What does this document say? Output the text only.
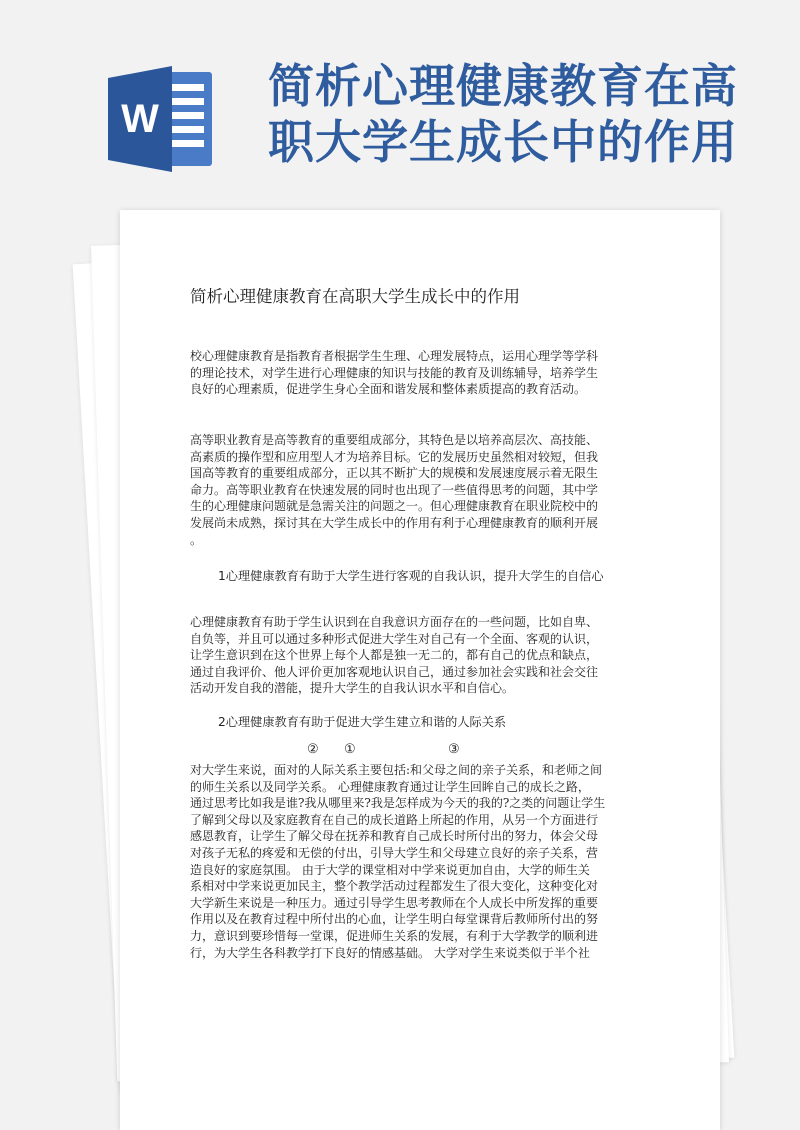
W
简析心理健康教育在高
职大学生成长中的作用
简析心理健康教育在高职大学生成长中的作用
校心理健康教育是指教育者根据学生生理、心理发展特点，运用心理学等学科
的理论技术，对学生进行心理健康的知识与技能的教育及训练辅导，培养学生
良好的心理素质，促进学生身心全面和谐发展和整体素质提高的教育活动。
高等职业教育是高等教育的重要组成部分，其特色是以培养高层次、高技能、
高素质的操作型和应用型人才为培养目标。它的发展历史虽然相对较短，但我
国高等教育的重要组成部分，正以其不断扩大的规模和发展速度展示着无限生
命力。高等职业教育在快速发展的同时也出现了一些值得思考的问题，其中学
生的心理健康问题就是急需关注的问题之一。但心理健康教育在职业院校中的
发展尚未成熟，探讨其在大学生成长中的作用有利于心理健康教育的顺利开展
。
1心理健康教育有助于大学生进行客观的自我认识，提升大学生的自信心
心理健康教育有助于学生认识到在自我意识方面存在的一些问题，比如自卑、
自负等，并且可以通过多种形式促进大学生对自己有一个全面、客观的认识，
让学生意识到在这个世界上每个人都是独一无二的，都有自己的优点和缺点，
通过自我评价、他人评价更加客观地认识自己，通过参加社会实践和社会交往
活动开发自我的潜能，提升大学生的自我认识水平和自信心。
2心理健康教育有助于促进大学生建立和谐的人际关系
② ①	③
对大学生来说，面对的人际关系主要包括:和父母之间的亲子关系，和老师之间
的师生关系以及同学关系。 心理健康教育通过让学生回眸自己的成长之路，
通过思考比如我是谁?我从哪里来?我是怎样成为今天的我的?之类的问题让学生
了解到父母以及家庭教育在自己的成长道路上所起的作用，从另一个方面进行
感恩教育，让学生了解父母在抚养和教育自己成长时所付出的努力，体会父母
对孩子无私的疼爱和无偿的付出，引导大学生和父母建立良好的亲子关系，营
造良好的家庭氛围。 由于大学的课堂相对中学来说更加自由，大学的师生关
系相对中学来说更加民主，整个教学活动过程都发生了很大变化，这种变化对
大学新生来说是一种压力。通过引导学生思考教师在个人成长中所发挥的重要
作用以及在教育过程中所付出的心血，让学生明白每堂课背后教师所付出的努
力，意识到要珍惜每一堂课，促进师生关系的发展，有利于大学教学的顺利进
行，为大学生各科教学打下良好的情感基础。 大学对学生来说类似于半个社
